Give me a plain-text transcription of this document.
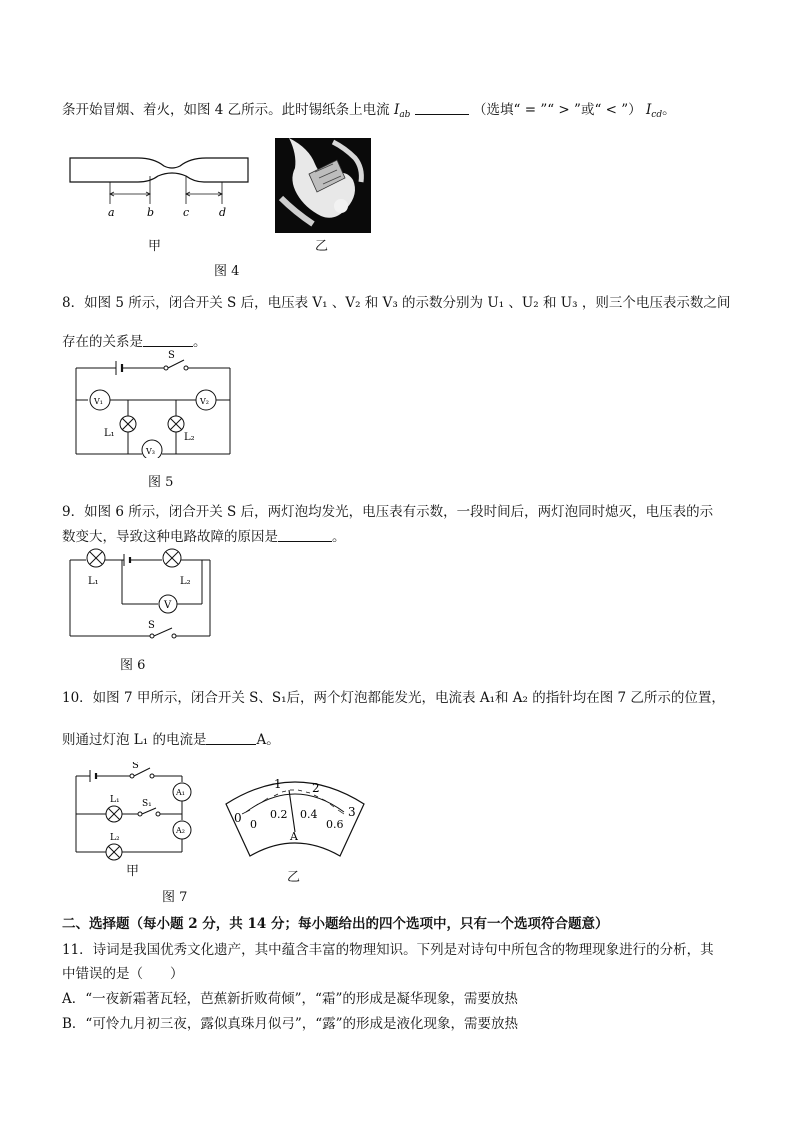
条开始冒烟、着火，如图 4 乙所示。此时锡纸条上电流 $I_{ab}$	（选填“ = ”“ > ”或“ < ”） $I_{cd}$。
a	b	c	d
甲	乙
图 4
8．如图 5 所示，闭合开关 S 后，电压表 V₁ 、V₂ 和 V₃ 的示数分别为 U₁ 、U₂ 和 U₃ ，则三个电压表示数之间
存在的关系是	。
S
V₁	V₂
V₃
L₁	L₂
图 5
9．如图 6 所示，闭合开关 S 后，两灯泡均发光，电压表有示数，一段时间后，两灯泡同时熄灭，电压表的示
数变大，导致这种电路故障的原因是	。
L₁	L₂
V
S
图 6
10．如图 7 甲所示，闭合开关 S、S₁后，两个灯泡都能发光，电流表 A₁和 A₂ 的指针均在图 7 乙所示的位置，
则通过灯泡 L₁ 的电流是	A。
S
L₁ S₁
L₂
A₁
A₂
甲
0
1	2
3
0
0.2 0.4
0.6
A
乙
图 7
二、选择题（每小题 2 分，共 14 分；每小题给出的四个选项中，只有一个选项符合题意）
11．诗词是我国优秀文化遗产，其中蕴含丰富的物理知识。下列是对诗句中所包含的物理现象进行的分析，其
中错误的是（　　）
A．“一夜新霜著瓦轻，芭蕉新折败荷倾”，“霜”的形成是凝华现象，需要放热
B．“可怜九月初三夜，露似真珠月似弓”，“露”的形成是液化现象，需要放热
